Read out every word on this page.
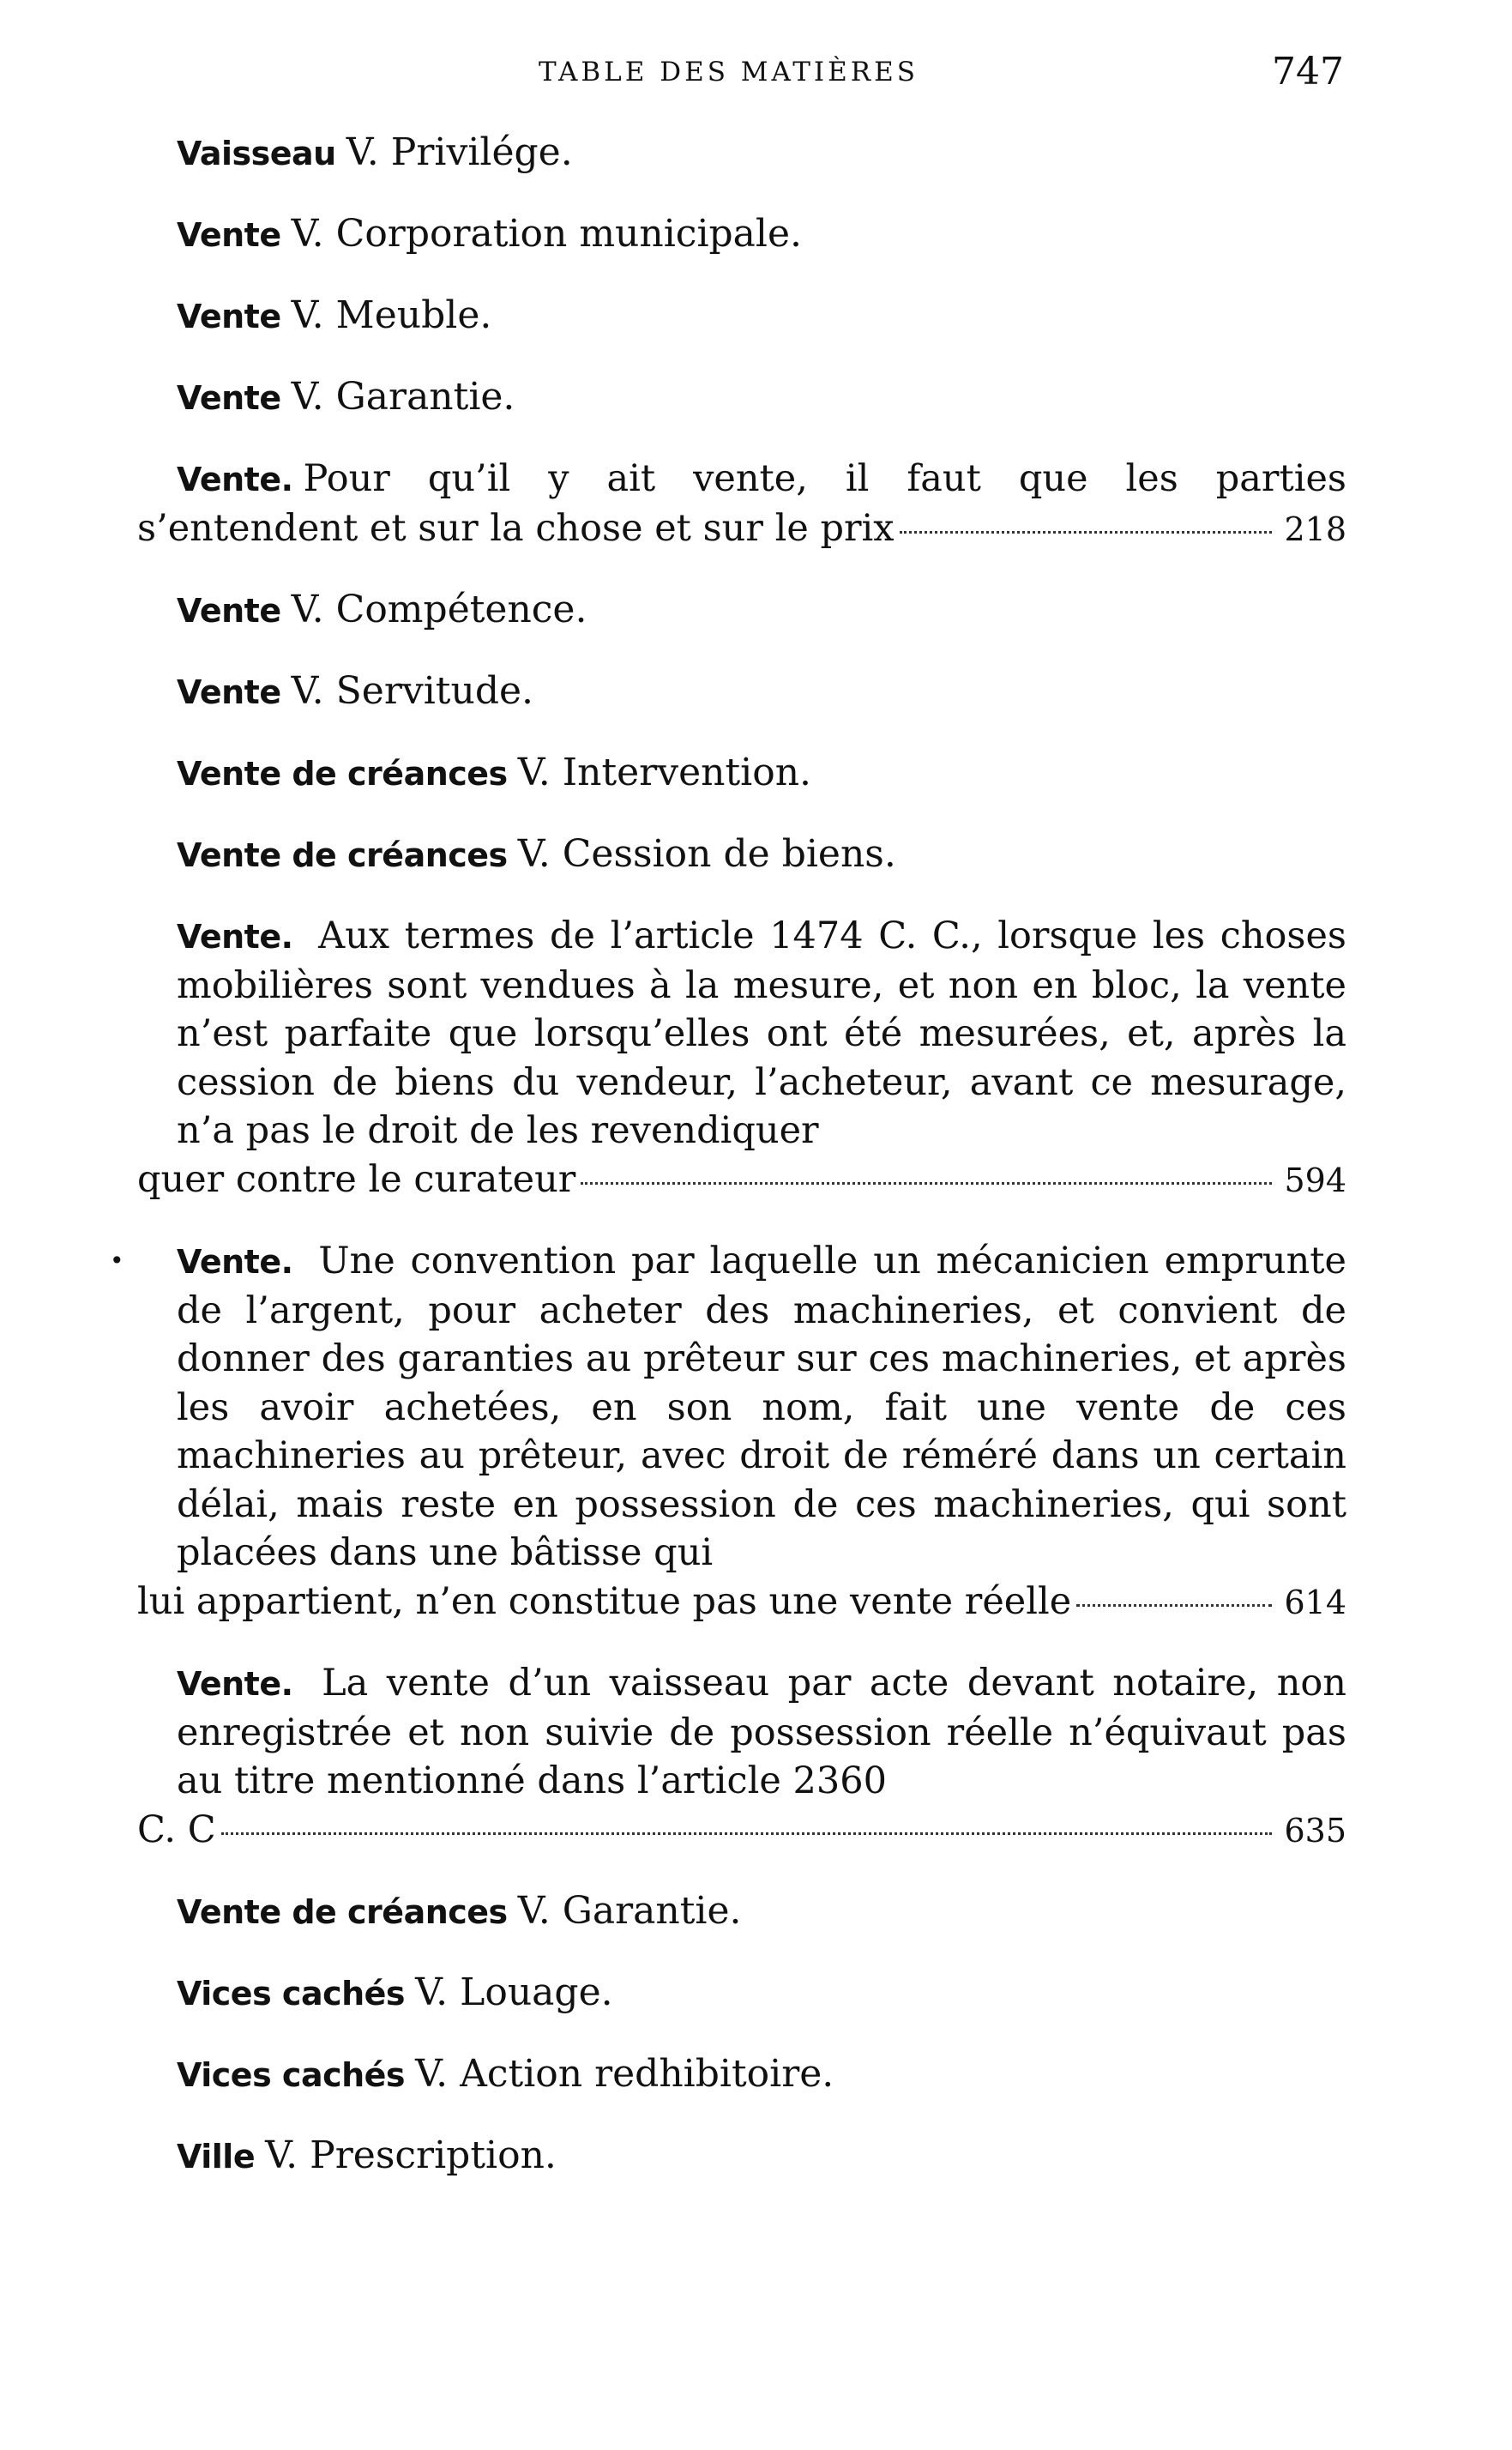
TABLE DES MATIÈRES	747
Vaisseau V. Privilége.
Vente V. Corporation municipale.
Vente V. Meuble.
Vente V. Garantie.
Vente. Pour qu’il y ait vente, il faut que les parties
s’entendent et sur la chose et sur le prix	218
Vente V. Compétence.
Vente V. Servitude.
Vente de créances V. Intervention.
Vente de créances V. Cession de biens.
Vente. Aux termes de l’article 1474 C. C., lorsque les choses mobilières sont vendues à la mesure, et non en bloc, la vente n’est parfaite que lorsqu’elles ont été mesurées, et, après la cession de biens du vendeur, l’acheteur, avant ce mesurage, n’a pas le droit de les revendiquer
quer contre le curateur	594
•	Vente. Une convention par laquelle un mécanicien emprunte de l’argent, pour acheter des machineries, et convient de donner des garanties au prêteur sur ces machineries, et après les avoir achetées, en son nom, fait une vente de ces machineries au prêteur, avec droit de réméré dans un certain délai, mais reste en possession de ces machineries, qui sont placées dans une bâtisse qui
lui appartient, n’en constitue pas une vente réelle	614
Vente. La vente d’un vaisseau par acte devant notaire, non enregistrée et non suivie de possession réelle n’équivaut pas au titre mentionné dans l’article 2360
C. C	635
Vente de créances V. Garantie.
Vices cachés V. Louage.
Vices cachés V. Action redhibitoire.
Ville V. Prescription.
